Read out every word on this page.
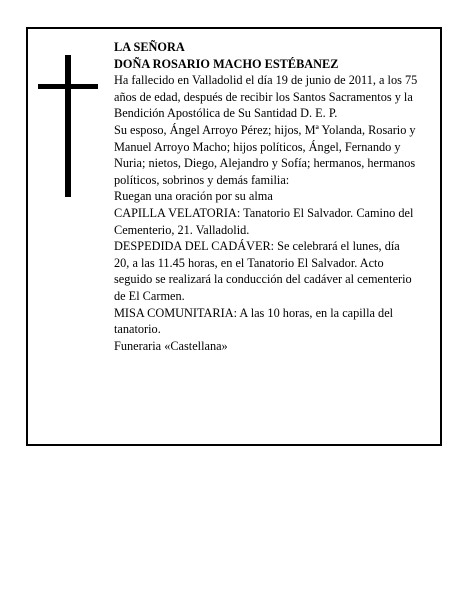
LA SEÑORA

DOÑA ROSARIO MACHO ESTÉBANEZ

Ha fallecido en Valladolid el día 19 de junio de 2011, a los 75 años de edad, después de recibir los Santos Sacramentos y la Bendición Apostólica de Su Santidad D. E. P.

Su esposo, Ángel Arroyo Pérez; hijos, Mª Yolanda, Rosario y Manuel Arroyo Macho; hijos políticos, Ángel, Fernando y Nuria; nietos, Diego, Alejandro y Sofía; hermanos, hermanos políticos, sobrinos y demás familia:

Ruegan una oración por su alma

CAPILLA VELATORIA: Tanatorio El Salvador. Camino del Cementerio, 21. Valladolid.

DESPEDIDA DEL CADÁVER: Se celebrará el lunes, día 20, a las 11.45 horas, en el Tanatorio El Salvador. Acto seguido se realizará la conducción del cadáver al cementerio de El Carmen.

MISA COMUNITARIA: A las 10 horas, en la capilla del tanatorio.

Funeraria «Castellana»
